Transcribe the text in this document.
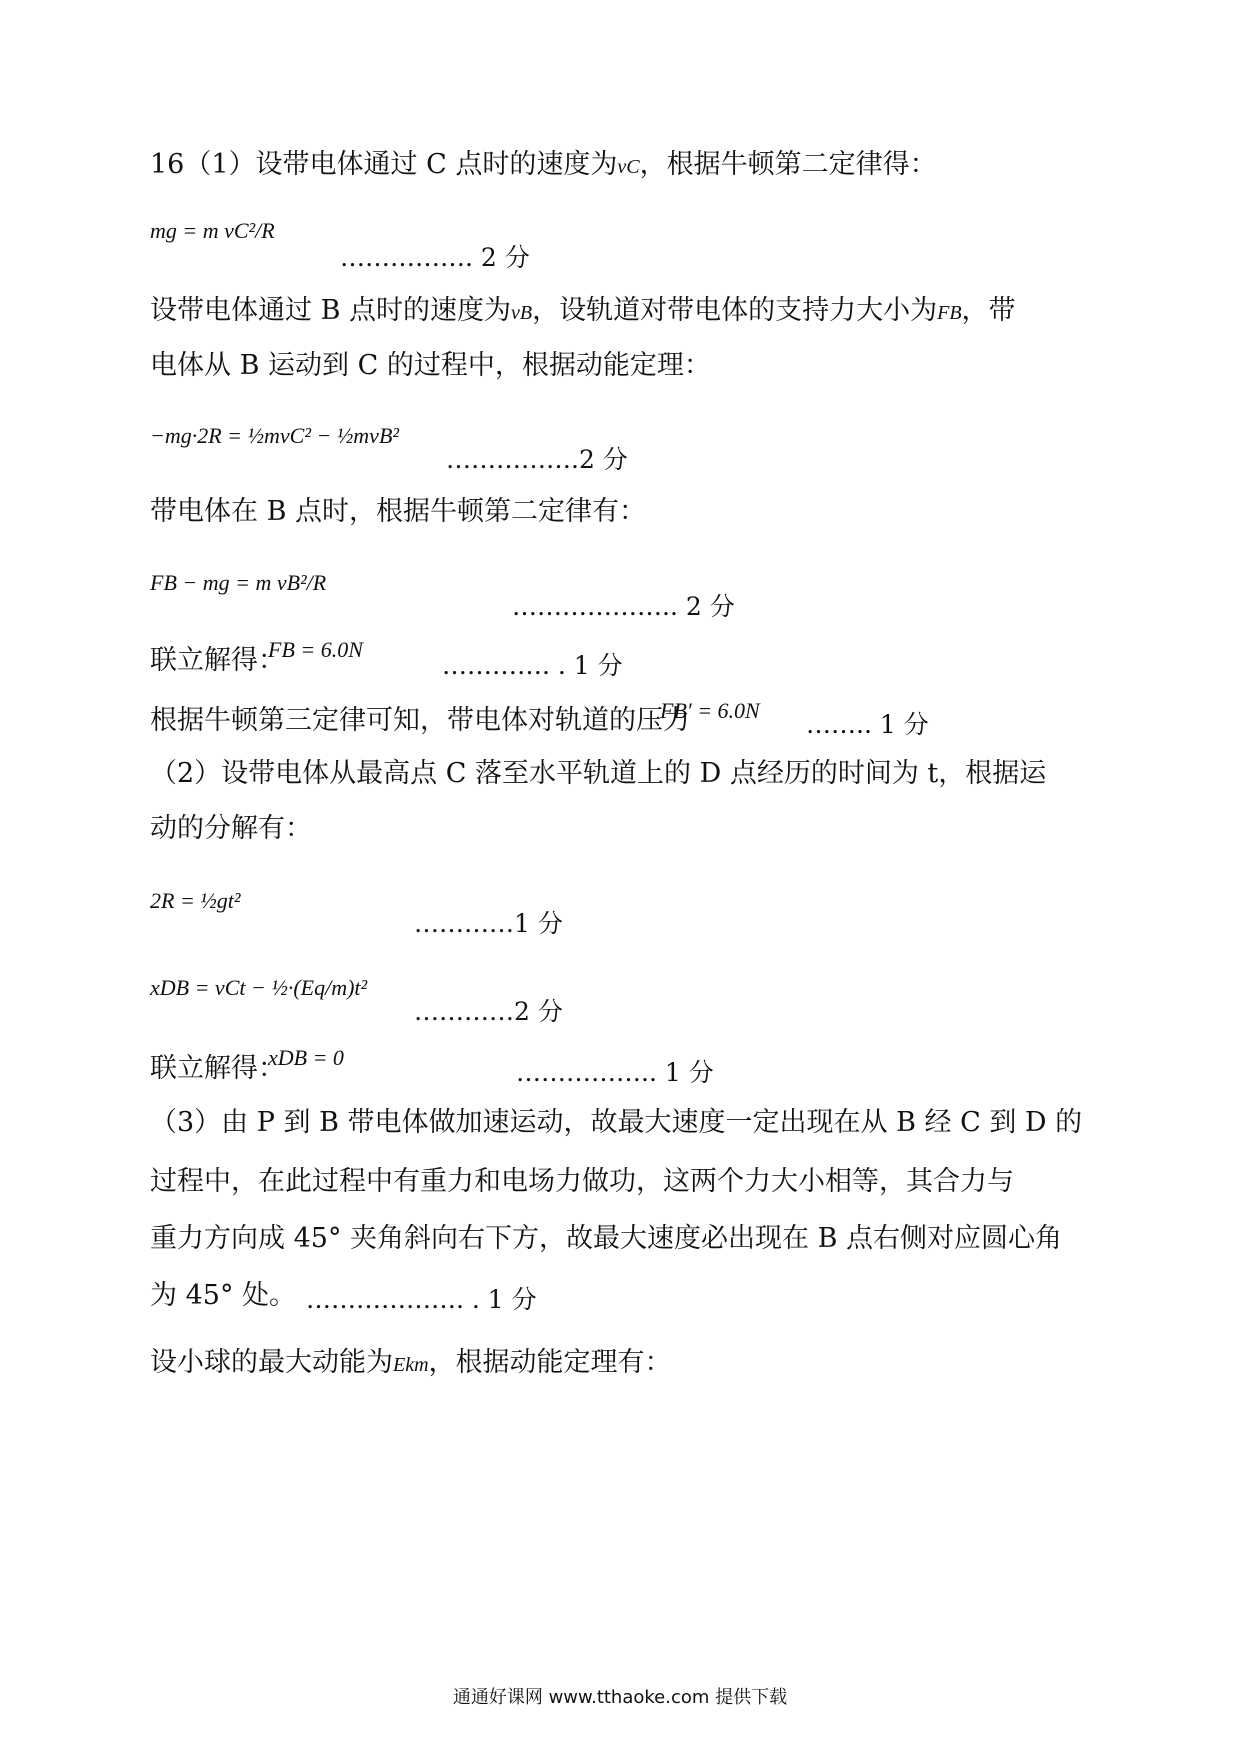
16（1）设带电体通过 C 点时的速度为vC，根据牛顿第二定律得：
mg = m vC²/R
……………. 2 分
设带电体通过 B 点时的速度为vB，设轨道对带电体的支持力大小为FB，带
电体从 B 运动到 C 的过程中，根据动能定理：
−mg·2R = ½mvC² − ½mvB²
…………….2 分
带电体在 B 点时，根据牛顿第二定律有：
FB − mg = m vB²/R
……………….. 2 分
联立解得：
FB = 6.0N
…………. . 1 分
根据牛顿第三定律可知，带电体对轨道的压力
FB′ = 6.0N …….. 1 分
（2）设带电体从最高点 C 落至水平轨道上的 D 点经历的时间为 t，根据运
动的分解有：
2R = ½gt²
…………1 分
xDB = vCt − ½·(Eq/m)t²
…………2 分
联立解得：
xDB = 0
…………….. 1 分
（3）由 P 到 B 带电体做加速运动，故最大速度一定出现在从 B 经 C 到 D 的
过程中，在此过程中有重力和电场力做功，这两个力大小相等，其合力与
重力方向成 45° 夹角斜向右下方，故最大速度必出现在 B 点右侧对应圆心角
为 45° 处。 ………………. . 1 分
设小球的最大动能为Ekm，根据动能定理有：
通通好课网 www.tthaoke.com 提供下载
